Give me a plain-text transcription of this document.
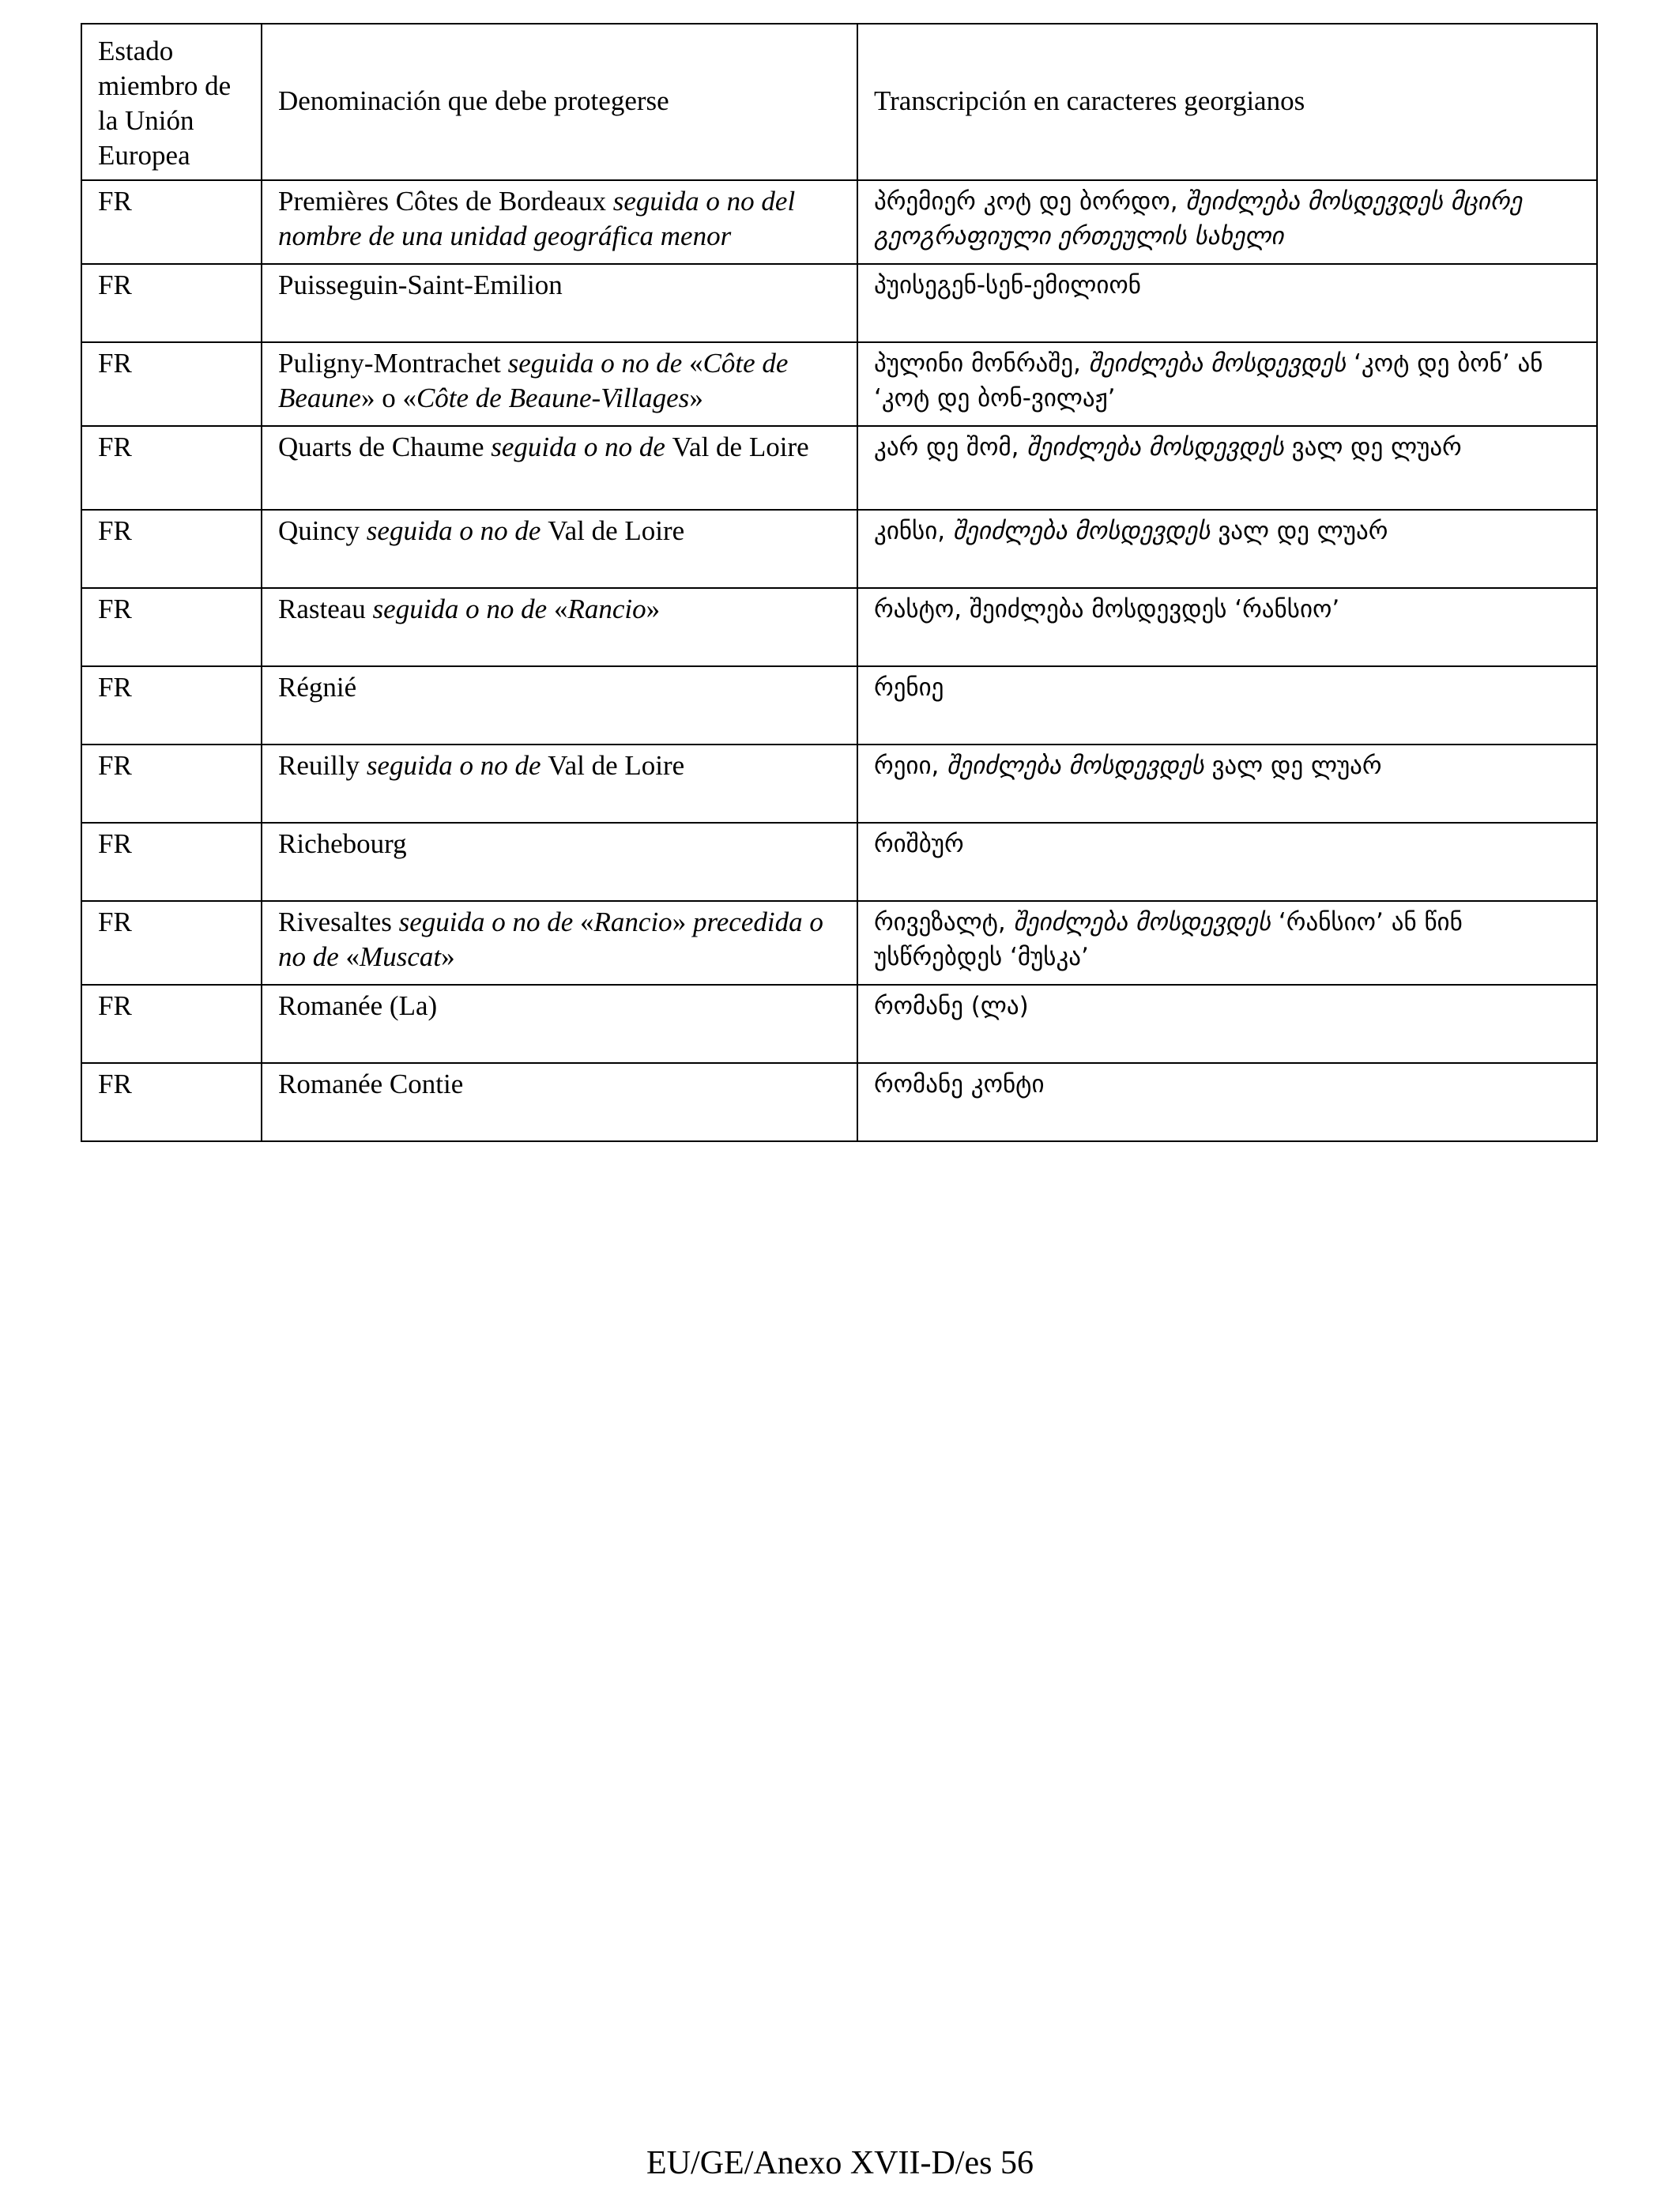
Estado miembro de la Unión Europea	Denominación que debe protegerse	Transcripción en caracteres georgianos
FR	Premières Côtes de Bordeaux seguida o no del nombre de una unidad geográfica menor	პრემიერ კოტ დე ბორდო, შეიძლება მოსდევდეს მცირე გეოგრაფიული ერთეულის სახელი
FR	Puisseguin-Saint-Emilion	პუისეგენ-სენ-ემილიონ
FR	Puligny-Montrachet seguida o no de «Côte de Beaune» o «Côte de Beaune-Villages»	პულინი მონრაშე, შეიძლება მოსდევდეს ‘კოტ დე ბონ’ ან ‘კოტ დე ბონ-ვილაჟ’
FR	Quarts de Chaume seguida o no de Val de Loire	კარ დე შომ, შეიძლება მოსდევდეს ვალ დე ლუარ
FR	Quincy seguida o no de Val de Loire	კინსი, შეიძლება მოსდევდეს ვალ დე ლუარ
FR	Rasteau seguida o no de «Rancio»	რასტო, შეიძლება მოსდევდეს ‘რანსიო’
FR	Régnié	რენიე
FR	Reuilly seguida o no de Val de Loire	რეიი, შეიძლება მოსდევდეს ვალ დე ლუარ
FR	Richebourg	რიშბურ
FR	Rivesaltes seguida o no de «Rancio» precedida o no de «Muscat»	რივეზალტ, შეიძლება მოსდევდეს ‘რანსიო’ ან წინ უსწრებდეს ‘მუსკა’
FR	Romanée (La)	რომანე (ლა)
FR	Romanée Contie	რომანე კონტი
EU/GE/Anexo XVII-D/es 56
